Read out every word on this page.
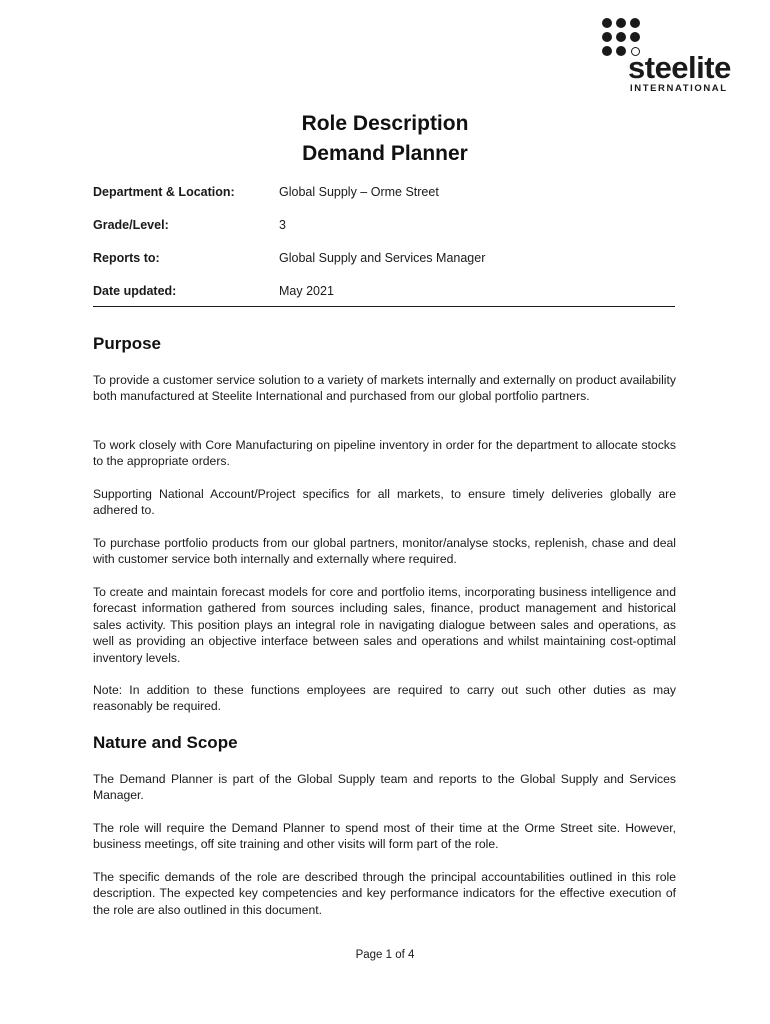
steelite
INTERNATIONAL
Role Description
Demand Planner
Department & Location:	Global Supply – Orme Street
Grade/Level:	3
Reports to:	Global Supply and Services Manager
Date updated:	May 2021
Purpose
To provide a customer service solution to a variety of markets internally and externally on product availability both manufactured at Steelite International and purchased from our global portfolio partners.
To work closely with Core Manufacturing on pipeline inventory in order for the department to allocate stocks to the appropriate orders.
Supporting National Account/Project specifics for all markets, to ensure timely deliveries globally are adhered to.
To purchase portfolio products from our global partners, monitor/analyse stocks, replenish, chase and deal with customer service both internally and externally where required.
To create and maintain forecast models for core and portfolio items, incorporating business intelligence and forecast information gathered from sources including sales, finance, product management and historical sales activity. This position plays an integral role in navigating dialogue between sales and operations, as well as providing an objective interface between sales and operations and whilst maintaining cost-optimal inventory levels.
Note: In addition to these functions employees are required to carry out such other duties as may reasonably be required.
Nature and Scope
The Demand Planner is part of the Global Supply team and reports to the Global Supply and Services Manager.
The role will require the Demand Planner to spend most of their time at the Orme Street site. However, business meetings, off site training and other visits will form part of the role.
The specific demands of the role are described through the principal accountabilities outlined in this role description. The expected key competencies and key performance indicators for the effective execution of the role are also outlined in this document.
Page 1 of 4
